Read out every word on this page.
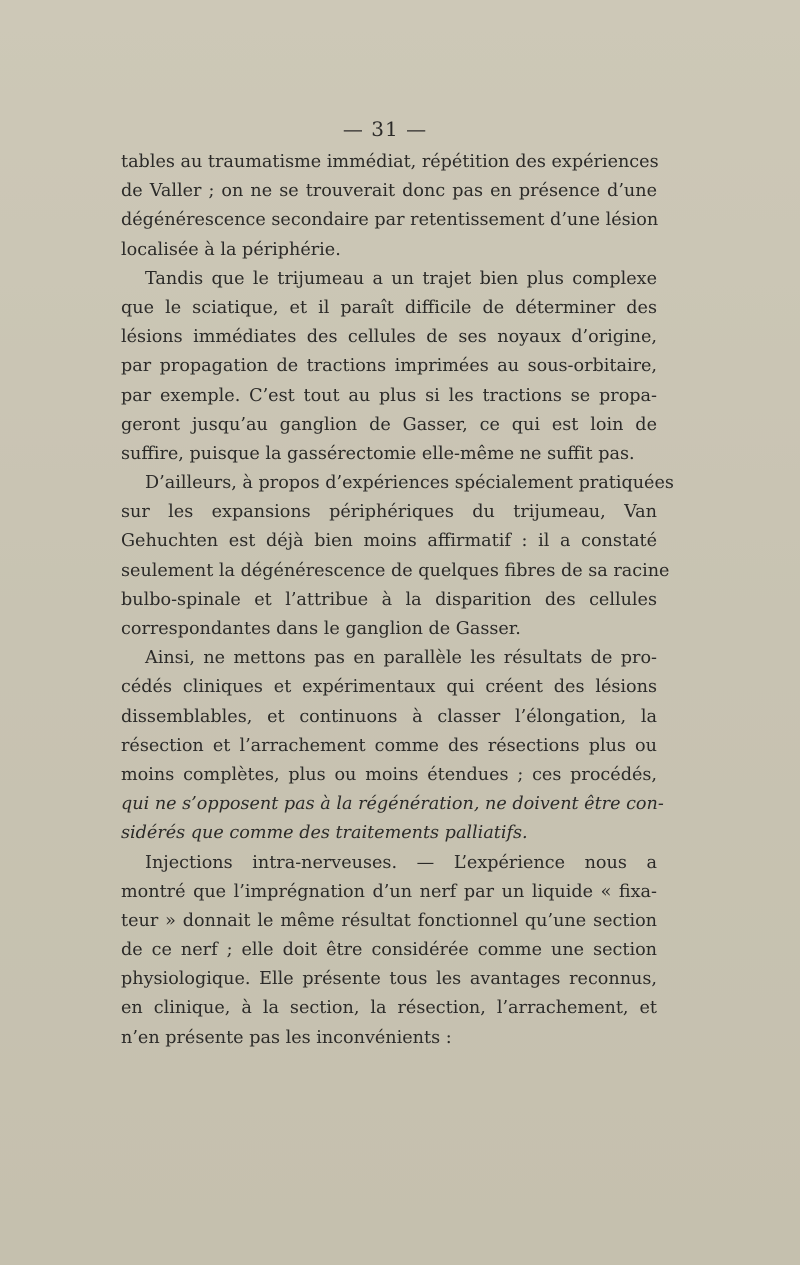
— 31 —
tables au traumatisme immédiat, répétition des expériences
de Valler ; on ne se trouverait donc pas en présence d’une
dégénérescence secondaire par retentissement d’une lésion
localisée à la périphérie.
Tandis que le trijumeau a un trajet bien plus complexe
que le sciatique, et il paraît difficile de déterminer des
lésions immédiates des cellules de ses noyaux d’origine,
par propagation de tractions imprimées au sous-orbitaire,
par exemple. C’est tout au plus si les tractions se propa-
geront jusqu’au ganglion de Gasser, ce qui est loin de
suffire, puisque la gassérectomie elle-même ne suffit pas.
D’ailleurs, à propos d’expériences spécialement pratiquées
sur les expansions périphériques du trijumeau, Van
Gehuchten est déjà bien moins affirmatif : il a constaté
seulement la dégénérescence de quelques fibres de sa racine
bulbo-spinale et l’attribue à la disparition des cellules
correspondantes dans le ganglion de Gasser.
Ainsi, ne mettons pas en parallèle les résultats de pro-
cédés cliniques et expérimentaux qui créent des lésions
dissemblables, et continuons à classer l’élongation, la
résection et l’arrachement comme des résections plus ou
moins complètes, plus ou moins étendues ; ces procédés,
qui ne s’opposent pas à la régénération, ne doivent être con-
sidérés que comme des traitements palliatifs.
Injections intra-nerveuses. — L’expérience nous a
montré que l’imprégnation d’un nerf par un liquide « fixa-
teur » donnait le même résultat fonctionnel qu’une section
de ce nerf ; elle doit être considérée comme une section
physiologique. Elle présente tous les avantages reconnus,
en clinique, à la section, la résection, l’arrachement, et
n’en présente pas les inconvénients :
